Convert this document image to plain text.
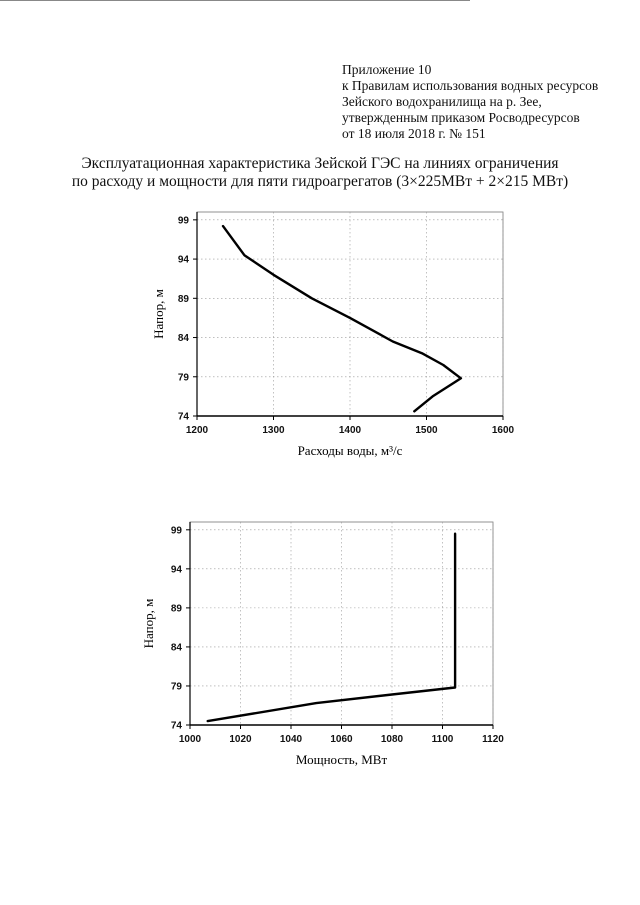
Приложение 10
к Правилам использования водных ресурсов
Зейского водохранилища на р. Зее,
утвержденным приказом Росводресурсов
от 18 июля 2018 г. № 151
Эксплуатационная характеристика Зейской ГЭС на линиях ограничения
по расходу и мощности для пяти гидроагрегатов (3×225МВт + 2×215 МВт)
1200	1300	1400	1500	1600
74
79
84
89
94
99
Расходы воды, м³/с
Напор, м
1000	1020	1040	1060	1080	1100	1120
74
79
84
89
94
99
Мощность, МВт
Напор, м
